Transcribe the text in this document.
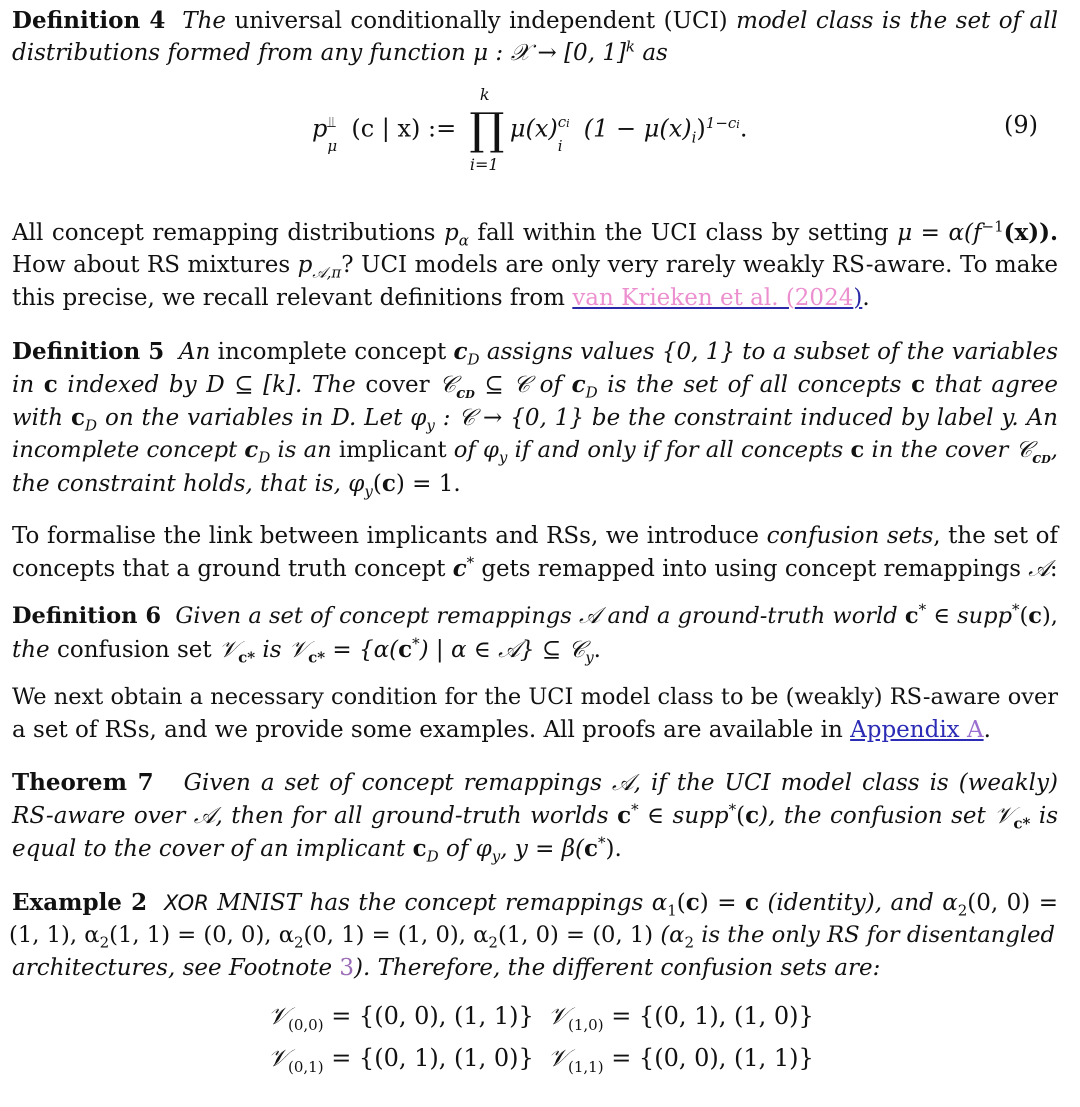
Definition 4 The universal conditionally independent (UCI) model class is the set of all
distributions formed from any function μ : 𝒳 → [0, 1]$^k$ as
p ⫫
μ
(c | x) :=
k
∏
i=1
μ(x) ci
i
$(1 - \mu(x)_i)^{1-ci}$.	(9)
All concept remapping distributions $p_\alpha$ fall within the UCI class by setting $\mu = \alpha(f^{-1}(x))$.
How about RS mixtures $p_{𝒜,\pi}$? UCI models are only very rarely weakly RS-aware. To make
this precise, we recall relevant definitions from van Krieken et al. (2024).
Definition 5 An incomplete concept $c_D$ assigns values {0, 1} to a subset of the variables
in c indexed by D ⊆ [k]. The cover 𝒞$_{cD}$ ⊆ 𝒞 of $c_D$ is the set of all concepts c that agree
with $c_D$ on the variables in D. Let $\varphi_y$ : 𝒞 → {0, 1} be the constraint induced by label y. An
incomplete concept $c_D$ is an implicant of $\varphi_y$ if and only if for all concepts c in the cover 𝒞$_{cD}$,
the constraint holds, that is, $\varphi_y(c) = 1$.
To formalise the link between implicants and RSs, we introduce confusion sets, the set of
concepts that a ground truth concept c* gets remapped into using concept remappings 𝒜:
Definition 6 Given a set of concept remappings 𝒜 and a ground-truth world c* ∈ supp*(c),
the confusion set 𝒱$_{c*}$ is 𝒱$_{c*}$ = {α(c*) | α ∈ 𝒜} ⊆ 𝒞$_y$.
We next obtain a necessary condition for the UCI model class to be (weakly) RS-aware over
a set of RSs, and we provide some examples. All proofs are available in Appendix A.
Theorem 7 Given a set of concept remappings 𝒜, if the UCI model class is (weakly)
RS-aware over 𝒜, then for all ground-truth worlds c* ∈ supp*(c), the confusion set 𝒱$_{c*}$ is
equal to the cover of an implicant $c_D$ of $\varphi_y$, y = β(c*).
Example 2 XOR MNIST has the concept remappings $\alpha_1(c) = c$ (identity), and $\alpha_2(0$, 0) =
(1, 1), $\alpha_2(1$, 1) = (0, 0), $\alpha_2(0$, 1) = (1, 0), $\alpha_2(1$, 0) = (0, 1) ($\alpha_2$ is the only RS for disentangled
architectures, see Footnote 3). Therefore, the different confusion sets are:
𝒱$_{(0,0)}$ = {(0, 0), (1, 1)} 𝒱$_{(1,0)}$ = {(0, 1), (1, 0)}
𝒱$_{(0,1)}$ = {(0, 1), (1, 0)} 𝒱$_{(1,1)}$ = {(0, 0), (1, 1)}
